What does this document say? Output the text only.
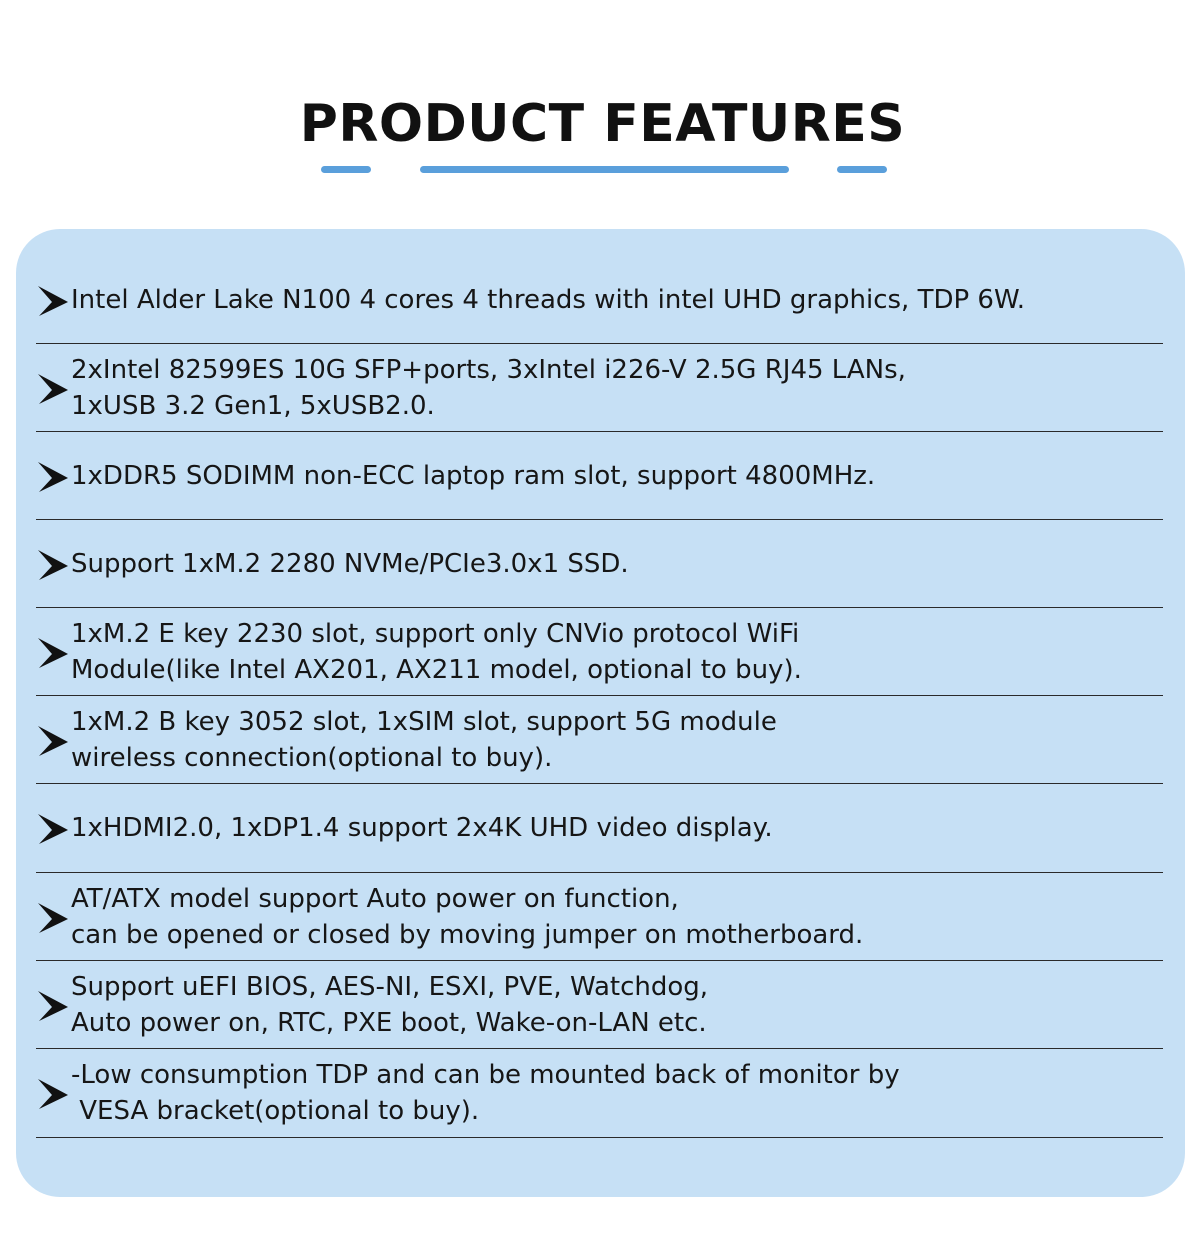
PRODUCT FEATURES
Intel Alder Lake N100 4 cores 4 threads with intel UHD graphics, TDP 6W.
2xIntel 82599ES 10G SFP+ports, 3xIntel i226-V 2.5G RJ45 LANs,
1xUSB 3.2 Gen1, 5xUSB2.0.
1xDDR5 SODIMM non-ECC laptop ram slot, support 4800MHz.
Support 1xM.2 2280 NVMe/PCIe3.0x1 SSD.
1xM.2 E key 2230 slot, support only CNVio protocol WiFi
Module(like Intel AX201, AX211 model, optional to buy).
1xM.2 B key 3052 slot, 1xSIM slot, support 5G module
wireless connection(optional to buy).
1xHDMI2.0, 1xDP1.4 support 2x4K UHD video display.
AT/ATX model support Auto power on function,
can be opened or closed by moving jumper on motherboard.
Support uEFI BIOS, AES-NI, ESXI, PVE, Watchdog,
Auto power on, RTC, PXE boot, Wake-on-LAN etc.
-Low consumption TDP and can be mounted back of monitor by
VESA bracket(optional to buy).
